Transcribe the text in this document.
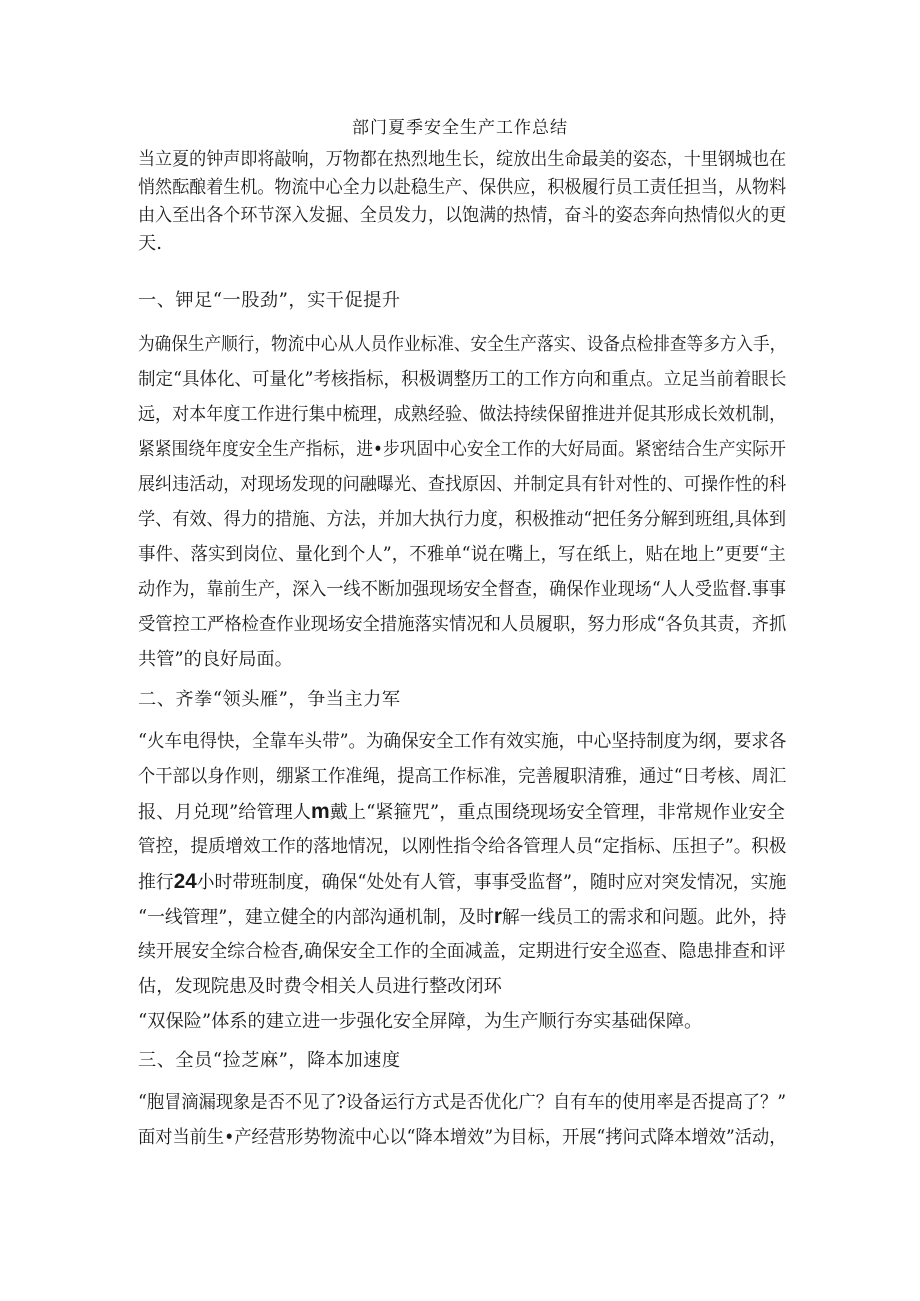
部门夏季安全生产工作总结
当立夏的钟声即将敲响，万物都在热烈地生长，绽放出生命最美的姿态，十里钢城也在
悄然酝酿着生机。物流中心全力以赴稳生产、保供应，积极履行员工责任担当，从物料
由入至出各个环节深入发掘、全员发力，以饱满的热情，奋斗的姿态奔向热情似火的更
天.
一、钾足“一股劲”，实干促提升
为确保生产顺行，物流中心从人员作业标准、安全生产落实、设备点检排查等多方入手，
制定“具体化、可量化”考核指标，积极调整历工的工作方向和重点。立足当前着眼长
远，对本年度工作进行集中梳理，成熟经验、做法持续保留推进并促其形成长效机制，
紧紧围绕年度安全生产指标，进•步巩固中心安全工作的大好局面。紧密结合生产实际开
展纠违活动，对现场发现的问融曝光、查找原因、并制定具有针对性的、可操作性的科
学、有效、得力的措施、方法，并加大执行力度，积极推动“把任务分解到班组,具体到
事件、落实到岗位、量化到个人”，不雅单“说在嘴上，写在纸上，贴在地上”更要“主
动作为，靠前生产，深入一线不断加强现场安全督查，确保作业现场“人人受监督.事事
受管控工严格检查作业现场安全措施落实情况和人员履职，努力形成“各负其责，齐抓
共管”的良好局面。
二、齐拳“领头雁”，争当主力军
“火车电得快，全靠车头带”。为确保安全工作有效实施，中心坚持制度为纲，要求各
个干部以身作则，绷紧工作准绳，提高工作标准，完善履职清雅，通过“日考核、周汇
报、月兑现”给管理人m戴上“紧箍咒”，重点围绕现场安全管理，非常规作业安全
管控，提质增效工作的落地情况，以刚性指令给各管理人员“定指标、压担子”。积极
推行24小时带班制度，确保“处处有人管，事事受监督”，随时应对突发情况，实施
“一线管理”，建立健全的内部沟通机制，及时r解一线员工的需求和问题。此外，持
续开展安全综合检杳,确保安全工作的全面减盖，定期进行安全巡查、隐患排查和评
估，发现院患及时费令相关人员进行整改闭环
“双保险”体系的建立进一步强化安全屏障，为生产顺行夯实基础保障。
三、全员“捡芝麻”，降本加速度
“胞冒滴漏现象是否不见了?设备运行方式是否优化广？自有车的使用率是否提高了？”
面对当前生•产经营形势物流中心以“降本增效”为目标，开展“拷问式降本增效”活动，
